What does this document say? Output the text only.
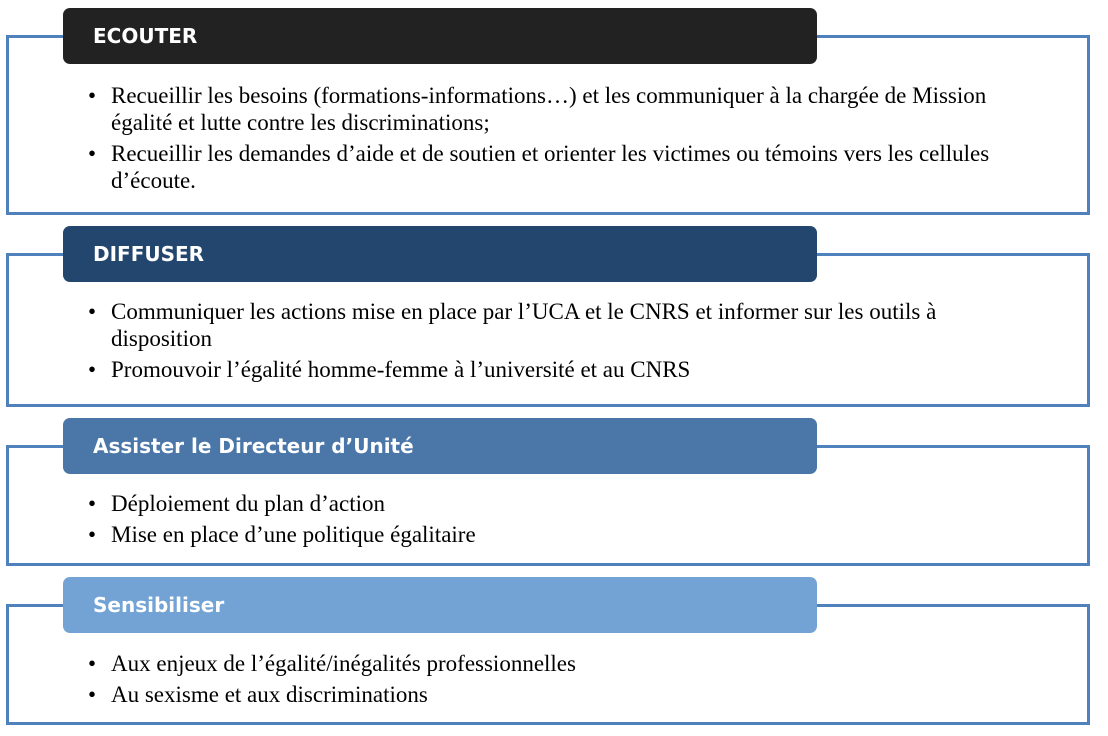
ECOUTER
• Recueillir les besoins (formations-informations…) et les communiquer à la chargée de Mission égalité et lutte contre les discriminations;
• Recueillir les demandes d’aide et de soutien et orienter les victimes ou témoins vers les cellules d’écoute.
DIFFUSER
• Communiquer les actions mise en place par l’UCA et le CNRS et informer sur les outils à disposition
• Promouvoir l’égalité homme-femme à l’université et au CNRS
Assister le Directeur d’Unité
• Déploiement du plan d’action
• Mise en place d’une politique égalitaire
Sensibiliser
• Aux enjeux de l’égalité/inégalités professionnelles
• Au sexisme et aux discriminations
